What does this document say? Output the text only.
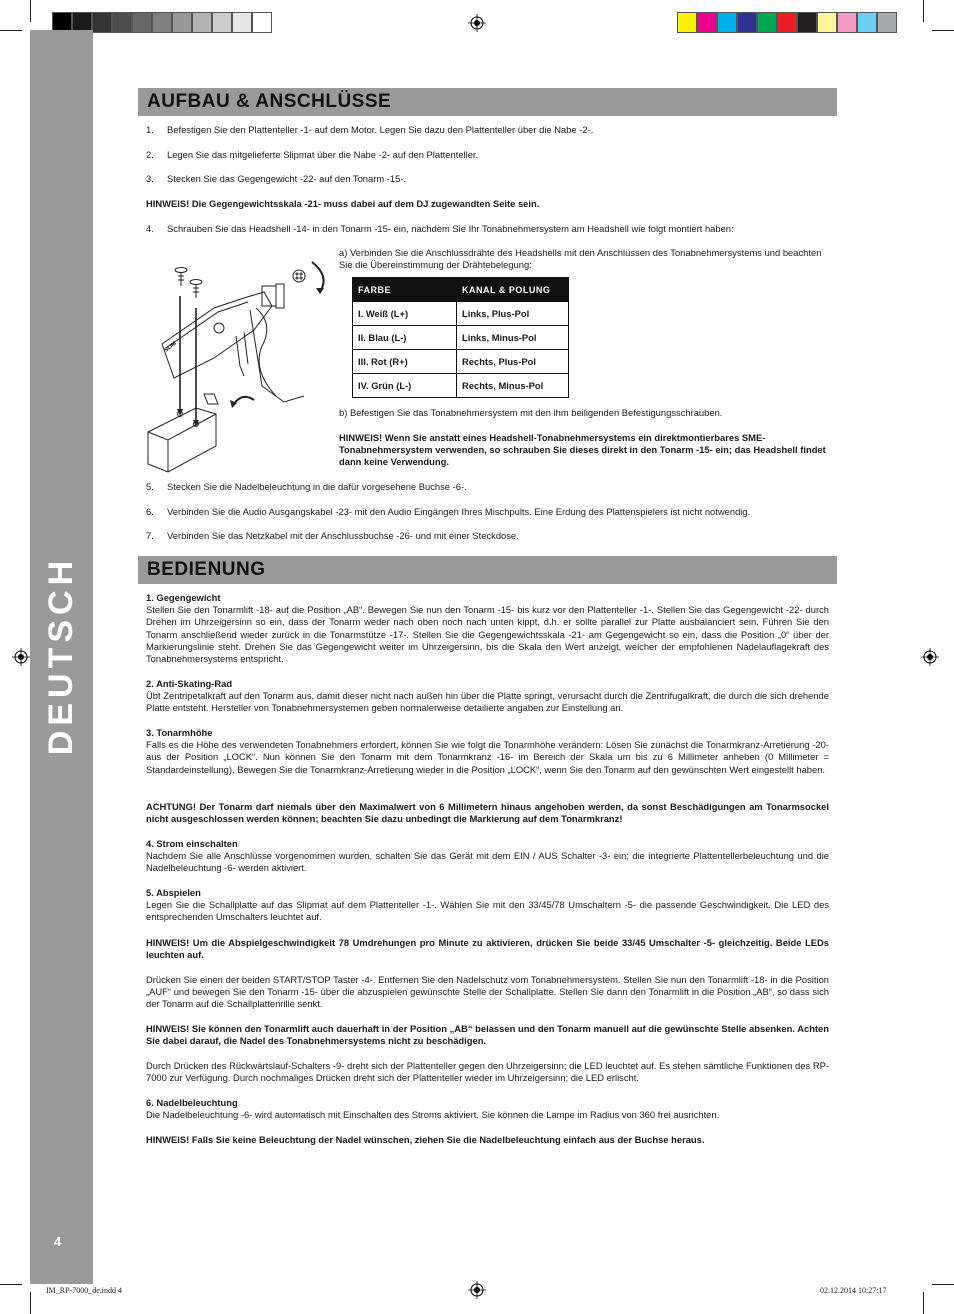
DEUTSCH
4
AUFBAU & ANSCHLÜSSE
1. Befestigen Sie den Plattenteller -1- auf dem Motor. Legen Sie dazu den Plattenteller über die Nabe -2-.
2. Legen Sie das mitgelieferte Slipmat über die Nabe -2- auf den Plattenteller.
3. Stecken Sie das Gegengewicht -22- auf den Tonarm -15-.
HINWEIS! Die Gegengewichtsskala -21- muss dabei auf dem DJ zugewandten Seite sein.
4. Schrauben Sie das Headshell -14- in den Tonarm -15- ein, nachdem Sie Ihr Tonabnehmersystem am Headshell wie folgt montiert haben:
SLIM
a) Verbinden Sie die Anschlussdrähte des Headshells mit den Anschlüssen des Tonabnehmersystems und beachten Sie die Übereinstimmung der Drähtebelegung:
FARBE	KANAL & POLUNG
I. Weiß (L+)	Links, Plus-Pol
II. Blau (L-)	Links, Minus-Pol
III. Rot (R+)	Rechts, Plus-Pol
IV. Grün (L-)	Rechts, Minus-Pol
b) Befestigen Sie das Tonabnehmersystem mit den ihm beiligenden Befestigungsschrauben.
HINWEIS! Wenn Sie anstatt eines Headshell-Tonabnehmersystems ein direktmontierbares SME-Tonabnehmersystem verwenden, so schrauben Sie dieses direkt in den Tonarm -15- ein; das Headshell findet dann keine Verwendung.
5. Stecken Sie die Nadelbeleuchtung in die dafür vorgesehene Buchse -6-.
6. Verbinden Sie die Audio Ausgangskabel -23- mit den Audio Eingängen Ihres Mischpults. Eine Erdung des Plattenspielers ist nicht notwendig.
7. Verbinden Sie das Netzkabel mit der Anschlussbuchse -26- und mit einer Steckdose.
BEDIENUNG
1. Gegengewicht
Stellen Sie den Tonarmlift -18- auf die Position „AB“. Bewegen Sie nun den Tonarm -15- bis kurz vor den Plattenteller -1-. Stellen Sie das Gegengewicht -22- durch Drehen im Uhrzeigersinn so ein, dass der Tonarm weder nach oben noch nach unten kippt, d.h. er sollte parallel zur Platte ausbalanciert sein. Führen Sie den Tonarm anschließend wieder zurück in die Tonarmstütze -17-. Stellen Sie die Gegengewichtsskala -21- am Gegengewicht so ein, dass die Position „0“ über der Markierungslinie steht. Drehen Sie das Gegengewicht weiter im Uhrzeigersinn, bis die Skala den Wert anzeigt, welcher der empfohlenen Nadelauflagekraft des Tonabnehmersystems entspricht.
2. Anti-Skating-Rad
Übt Zentripetalkraft auf den Tonarm aus, damit dieser nicht nach außen hin über die Platte springt, verursacht durch die Zentrifugalkraft, die durch die sich drehende Platte entsteht. Hersteller von Tonabnehmersystemen geben normalerweise detailierte angaben zur Einstellung an.
3. Tonarmhöhe
Falls es die Höhe des verwendeten Tonabnehmers erfordert, können Sie wie folgt die Tonarmhöhe verändern: Lösen Sie zunächst die Tonarmkranz-Arretierung -20- aus der Position „LOCK“. Nun können Sie den Tonarm mit dem Tonarmkranz -16- im Bereich der Skala um bis zu 6 Millimeter anheben (0 Millimeter = Standardeinstellung). Bewegen Sie die Tonarmkranz-Arretierung wieder in die Position „LOCK“, wenn Sie den Tonarm auf den gewünschten Wert eingestellt haben.
ACHTUNG! Der Tonarm darf niemals über den Maximalwert von 6 Millimetern hinaus angehoben werden, da sonst Beschädigungen am Tonarmsockel nicht ausgeschlossen werden können; beachten Sie dazu unbedingt die Markierung auf dem Tonarmkranz!
4. Strom einschalten
Nachdem Sie alle Anschlüsse vorgenommen wurden, schalten Sie das Gerät mit dem EIN / AUS Schalter -3- ein; die integrierte Plattentellerbeleuchtung und die Nadelbeleuchtung -6- werden aktiviert.
5. Abspielen
Legen Sie die Schallplatte auf das Slipmat auf dem Plattenteller -1-. Wählen Sie mit den 33/45/78 Umschaltern -5- die passende Geschwindigkeit. Die LED des entsprechenden Umschalters leuchtet auf.
HINWEIS! Um die Abspielgeschwindigkeit 78 Umdrehungen pro Minute zu aktivieren, drücken Sie beide 33/45 Umschalter -5- gleichzeitig. Beide LEDs leuchten auf.
Drücken Sie einen der beiden START/STOP Taster -4-. Entfernen Sie den Nadelschutz vom Tonabnehmersystem. Stellen Sie nun den Tonarmlift -18- in die Position „AUF“ und bewegen Sie den Tonarm -15- über die abzuspielen gewünschte Stelle der Schallplatte. Stellen Sie dann den Tonarmlift in die Position „AB“, so dass sich der Tonarm auf die Schallplattenrille senkt.
HINWEIS! Sie können den Tonarmlift auch dauerhaft in der Position „AB“ belassen und den Tonarm manuell auf die gewünschte Stelle absenken. Achten Sie dabei darauf, die Nadel des Tonabnehmersystems nicht zu beschädigen.
Durch Drücken des Rückwärtslauf-Schalters -9- dreht sich der Plattenteller gegen den Uhrzeigersinn; die LED leuchtet auf. Es stehen sämtliche Funktionen des RP-7000 zur Verfügung. Durch nochmaliges Drücken dreht sich der Plattenteller wieder im Uhrzeigersinn; die LED erlischt.
6. Nadelbeleuchtung
Die Nadelbeleuchtung -6- wird automatisch mit Einschalten des Stroms aktiviert. Sie können die Lampe im Radius von 360 frei ausrichten.
HINWEIS! Falls Sie keine Beleuchtung der Nadel wünschen, ziehen Sie die Nadelbeleuchtung einfach aus der Buchse heraus.
IM_RP-7000_de.indd 4	02.12.2014 10:27:17
